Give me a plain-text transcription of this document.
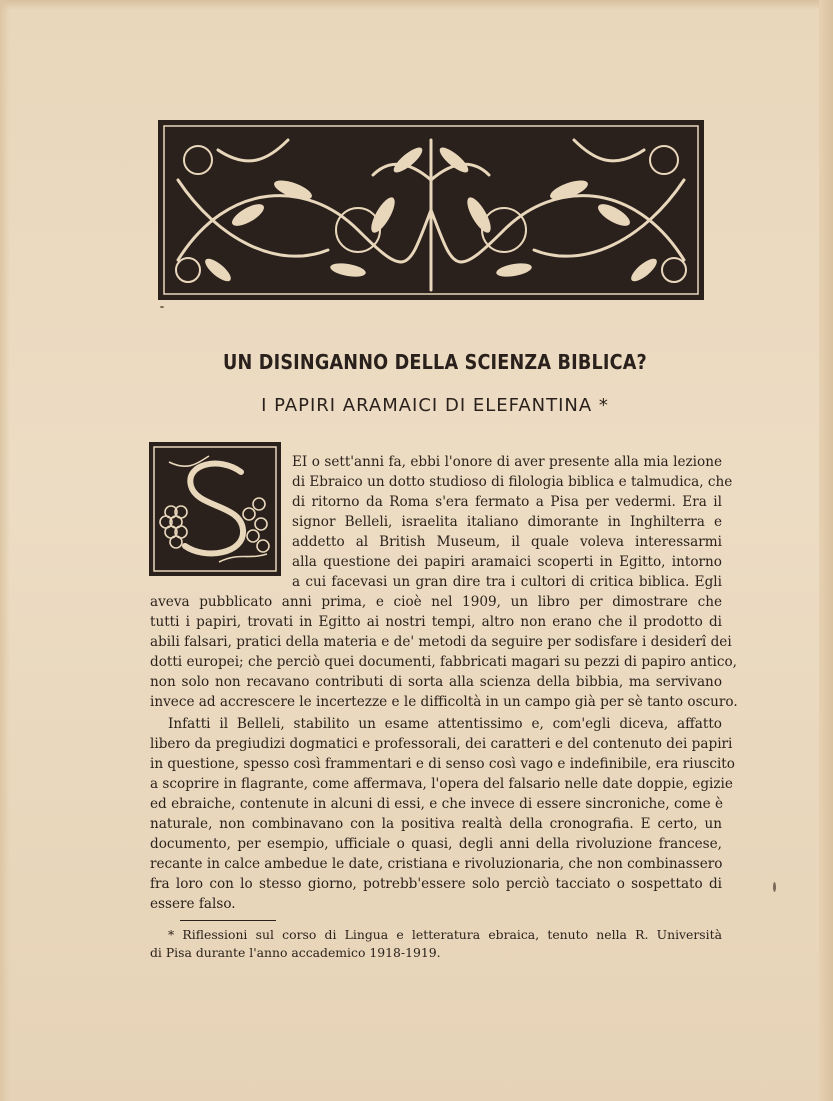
UN DISINGANNO DELLA SCIENZA BIBLICA?
I PAPIRI ARAMAICI DI ELEFANTINA *
EI o sett'anni fa, ebbi l'onore di aver presente alla mia lezione
di Ebraico un dotto studioso di filologia biblica e talmudica, che
di ritorno da Roma s'era fermato a Pisa per vedermi. Era il
signor Belleli, israelita italiano dimorante in Inghilterra e
addetto al British Museum, il quale voleva interessarmi
alla questione dei papiri aramaici scoperti in Egitto, intorno
a cui facevasi un gran dire tra i cultori di critica biblica. Egli
aveva pubblicato anni prima, e cioè nel 1909, un libro per dimostrare che
tutti i papiri, trovati in Egitto ai nostri tempi, altro non erano che il prodotto di
abili falsari, pratici della materia e de' metodi da seguire per sodisfare i desiderî dei
dotti europei; che perciò quei documenti, fabbricati magari su pezzi di papiro antico,
non solo non recavano contributi di sorta alla scienza della bibbia, ma servivano
invece ad accrescere le incertezze e le difficoltà in un campo già per sè tanto oscuro.
Infatti il Belleli, stabilito un esame attentissimo e, com'egli diceva, affatto
libero da pregiudizi dogmatici e professorali, dei caratteri e del contenuto dei papiri
in questione, spesso così frammentari e di senso così vago e indefinibile, era riuscito
a scoprire in flagrante, come affermava, l'opera del falsario nelle date doppie, egizie
ed ebraiche, contenute in alcuni di essi, e che invece di essere sincroniche, come è
naturale, non combinavano con la positiva realtà della cronografia. E certo, un
documento, per esempio, ufficiale o quasi, degli anni della rivoluzione francese,
recante in calce ambedue le date, cristiana e rivoluzionaria, che non combinassero
fra loro con lo stesso giorno, potrebb'essere solo perciò tacciato o sospettato di
essere falso.
* Riflessioni sul corso di Lingua e letteratura ebraica, tenuto nella R. Università
di Pisa durante l'anno accademico 1918-1919.
